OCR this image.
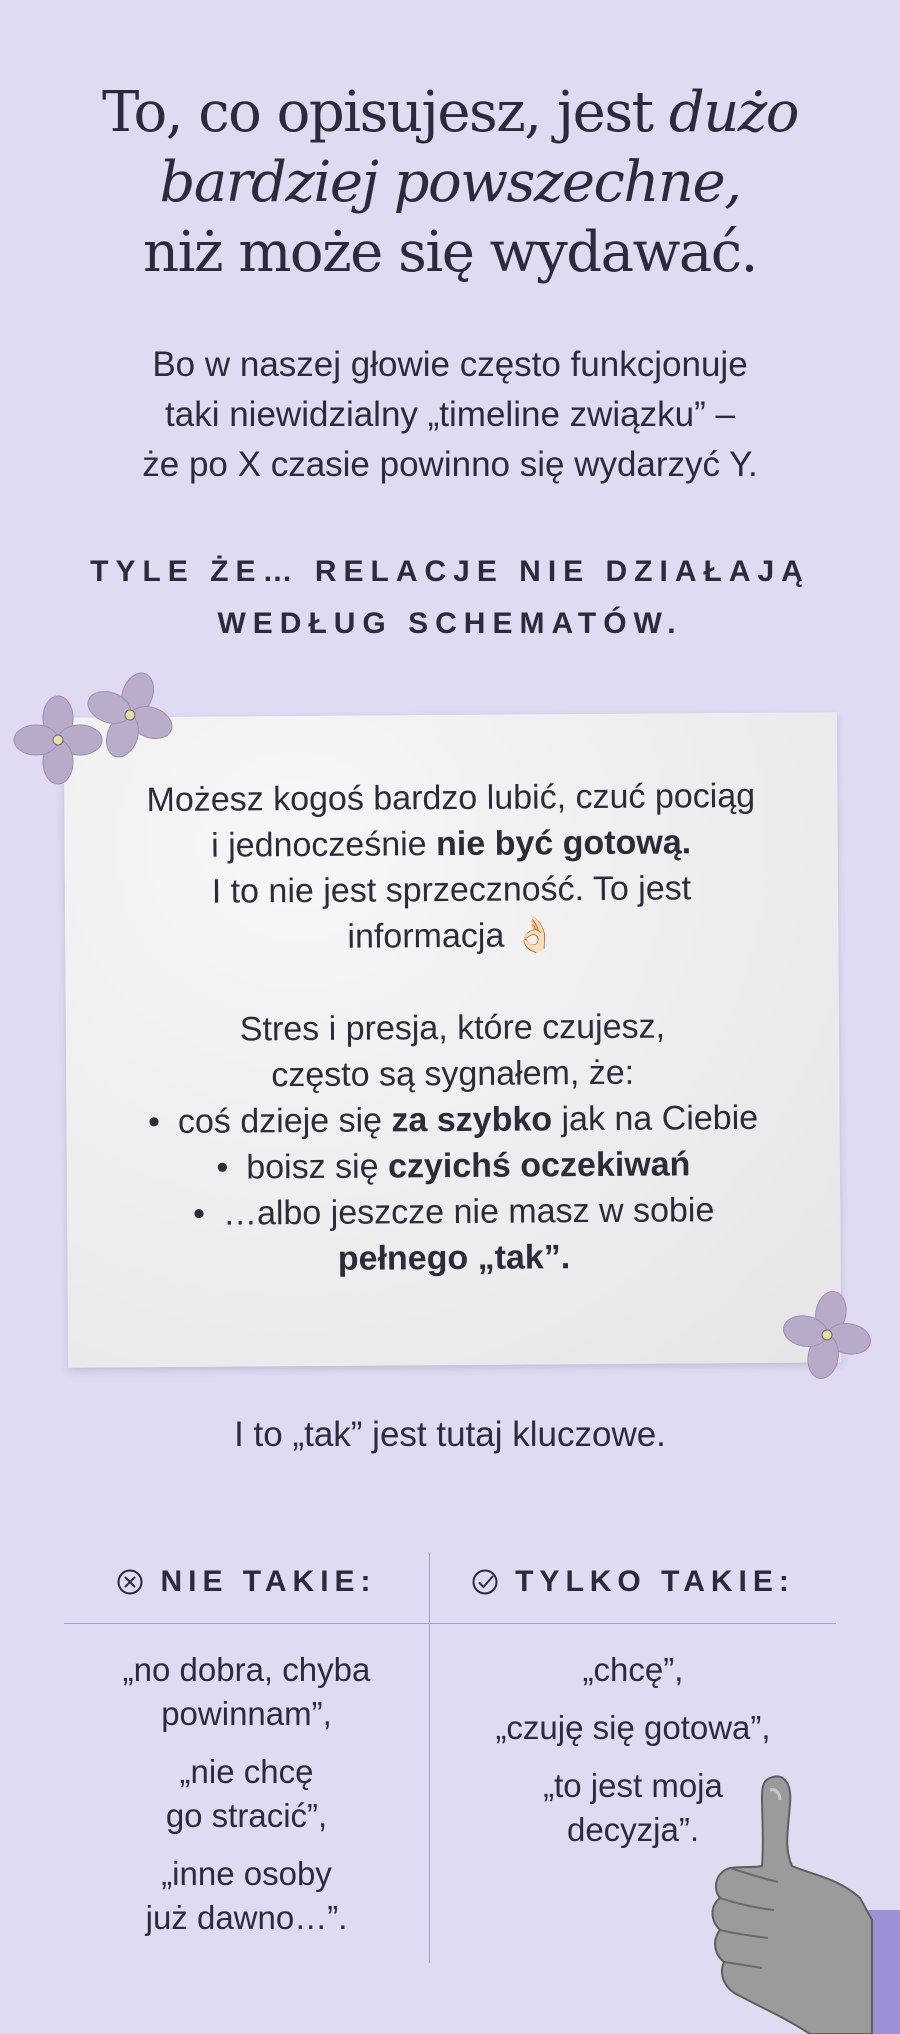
To, co opisujesz, jest dużo
bardziej powszechne,
niż może się wydawać.
Bo w naszej głowie często funkcjonuje
taki niewidzialny „timeline związku” –
że po X czasie powinno się wydarzyć Y.
TYLE ŻE… RELACJE NIE DZIAŁAJĄ
WEDŁUG SCHEMATÓW.
Możesz kogoś bardzo lubić, czuć pociąg
i jednocześnie nie być gotową.
I to nie jest sprzeczność. To jest
informacja 👌🏻
Stres i presja, które czujesz,
często są sygnałem, że:
• coś dzieje się za szybko jak na Ciebie
• boisz się czyichś oczekiwań
• …albo jeszcze nie masz w sobie
pełnego „tak”.
I to „tak” jest tutaj kluczowe.
NIE TAKIE:	TYLKO TAKIE:
„no dobra, chyba
powinnam”,
„nie chcę
go stracić”,
„inne osoby
już dawno…”.
„chcę”,
„czuję się gotowa”,
„to jest moja
decyzja”.
